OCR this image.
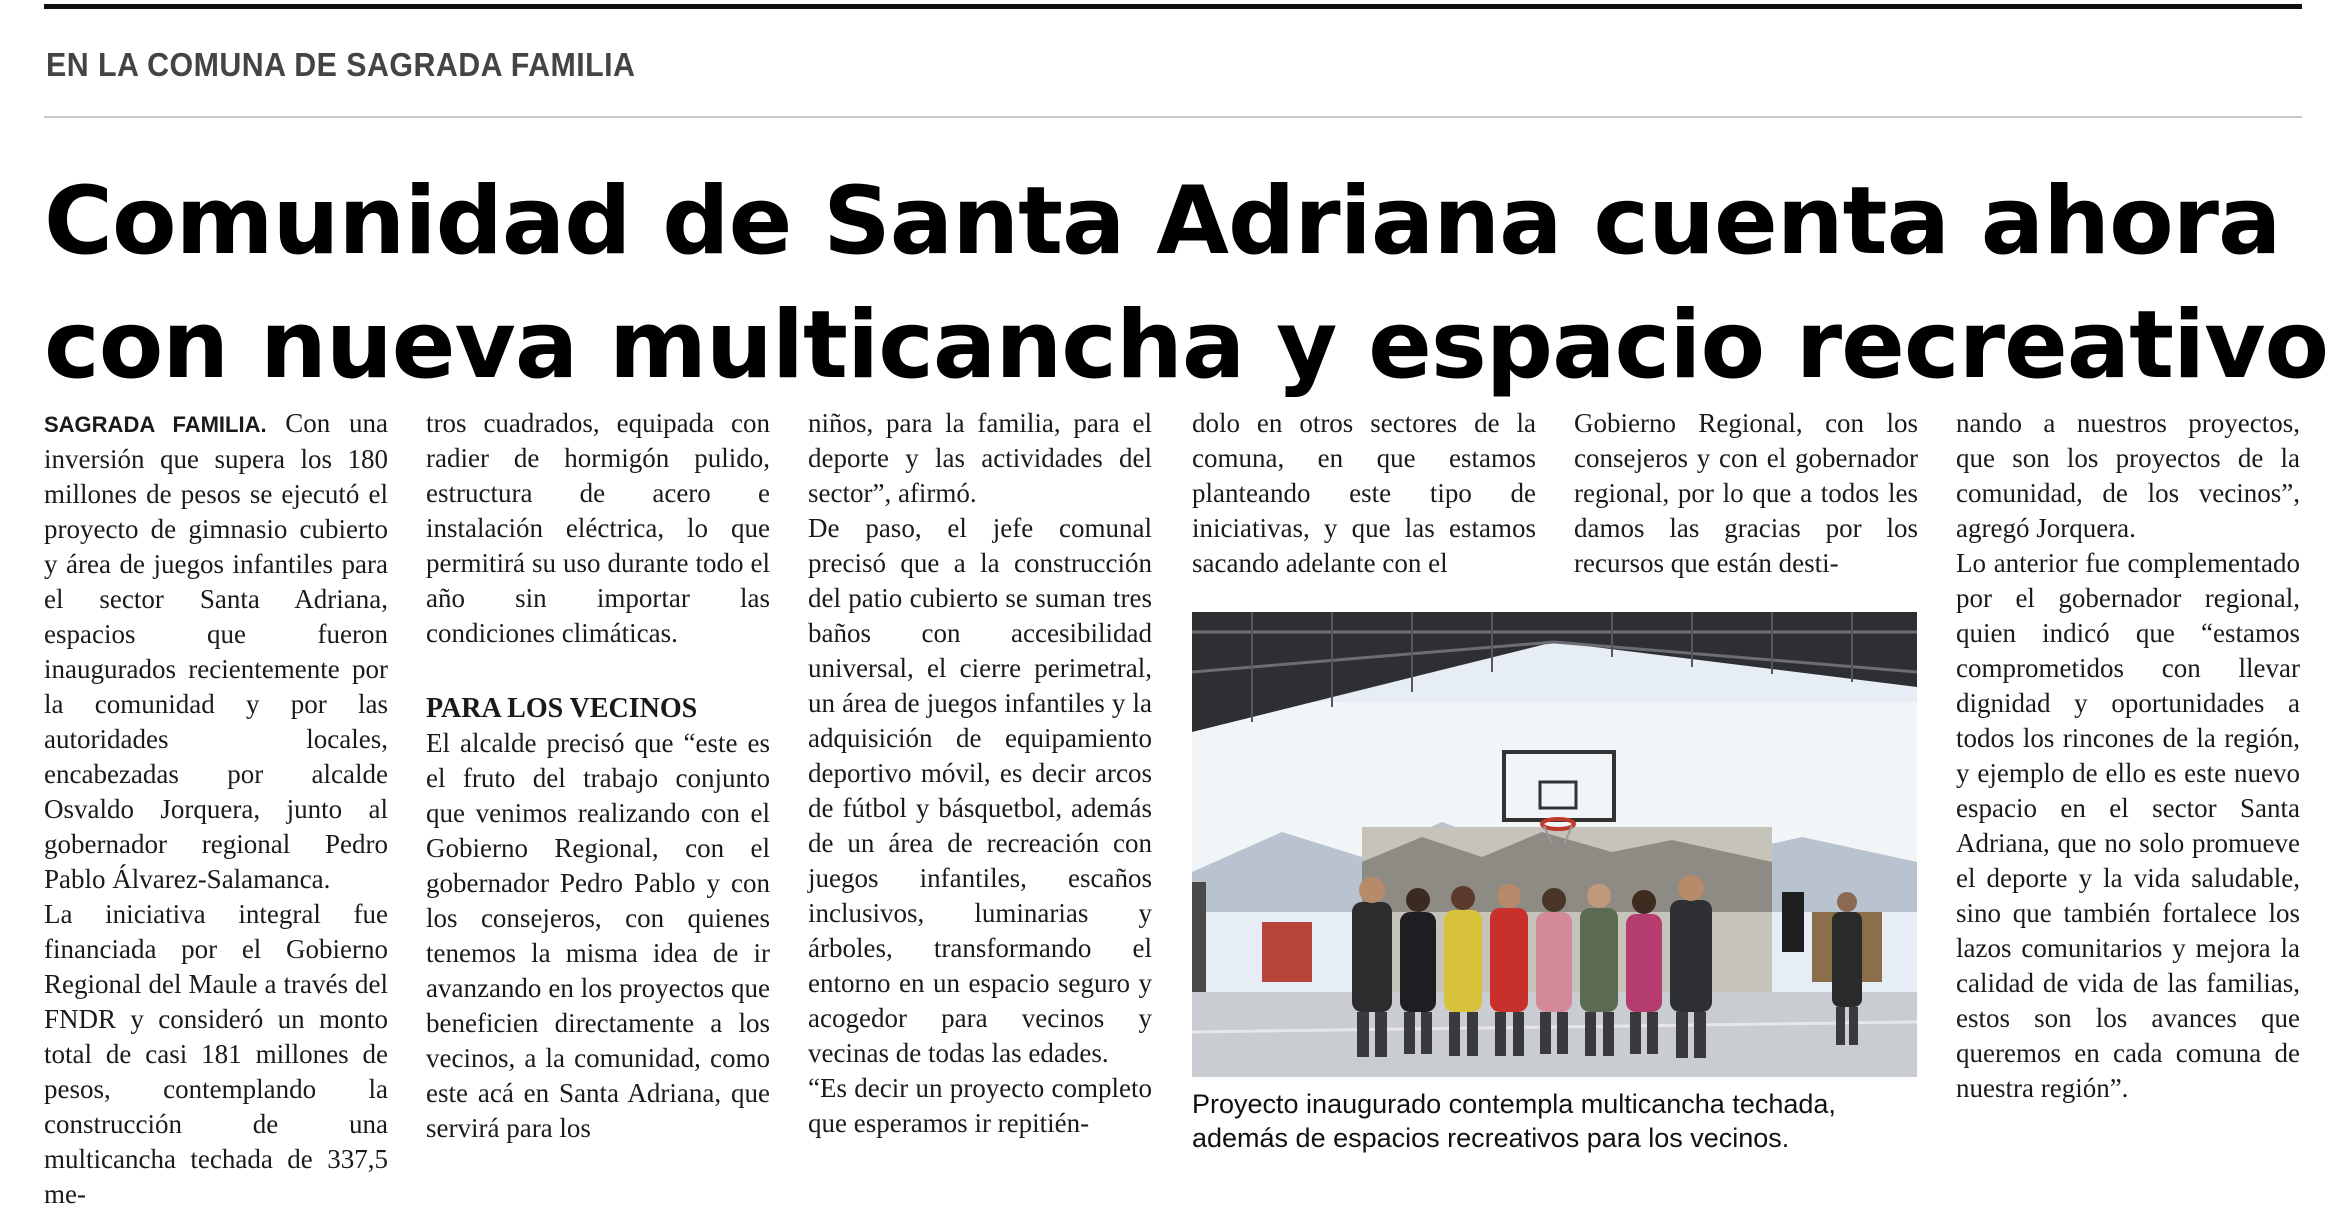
EN LA COMUNA DE SAGRADA FAMILIA
Comunidad de Santa Adriana cuenta ahora
con nueva multicancha y espacio recreativo

SAGRADA FAMILIA. Con una inversión que supera los 180 millones de pesos se ejecutó el proyecto de gimnasio cubierto y área de juegos infantiles para el sector Santa Adriana, espacios que fueron inaugurados recientemente por la comunidad y por las autoridades locales, encabezadas por alcalde Osvaldo Jorquera, junto al gobernador regional Pedro Pablo Álvarez-Salamanca.

La iniciativa integral fue financiada por el Gobierno Regional del Maule a través del FNDR y consideró un monto total de casi 181 millones de pesos, contemplando la construcción de una multicancha techada de 337,5 me-

tros cuadrados, equipada con radier de hormigón pulido, estructura de acero e instalación eléctrica, lo que permitirá su uso durante todo el año sin importar las condiciones climáticas.

PARA LOS VECINOS

El alcalde precisó que “este es el fruto del trabajo conjunto que venimos realizando con el Gobierno Regional, con el gobernador Pedro Pablo y con los consejeros, con quienes tenemos la misma idea de ir avanzando en los proyectos que beneficien directamente a los vecinos, a la comunidad, como este acá en Santa Adriana, que servirá para los

niños, para la familia, para el deporte y las actividades del sector”, afirmó.

De paso, el jefe comunal precisó que a la construcción del patio cubierto se suman tres baños con accesibilidad universal, el cierre perimetral, un área de juegos infantiles y la adquisición de equipamiento deportivo móvil, es decir arcos de fútbol y básquetbol, además de un área de recreación con juegos infantiles, escaños inclusivos, luminarias y árboles, transformando el entorno en un espacio seguro y acogedor para vecinos y vecinas de todas las edades.

“Es decir un proyecto completo que esperamos ir repitién-

dolo en otros sectores de la comuna, en que estamos planteando este tipo de iniciativas, y que las estamos sacando adelante con el

Gobierno Regional, con los consejeros y con el gobernador regional, por lo que a todos les damos las gracias por los recursos que están desti-

nando a nuestros proyectos, que son los proyectos de la comunidad, de los vecinos”, agregó Jorquera.

Lo anterior fue complementado por el gobernador regional, quien indicó que “estamos comprometidos con llevar dignidad y oportunidades a todos los rincones de la región, y ejemplo de ello es este nuevo espacio en el sector Santa Adriana, que no solo promueve el deporte y la vida saludable, sino que también fortalece los lazos comunitarios y mejora la calidad de vida de las familias, estos son los avances que queremos en cada comuna de nuestra región”.

Proyecto inaugurado contempla multicancha techada, además de espacios recreativos para los vecinos.
